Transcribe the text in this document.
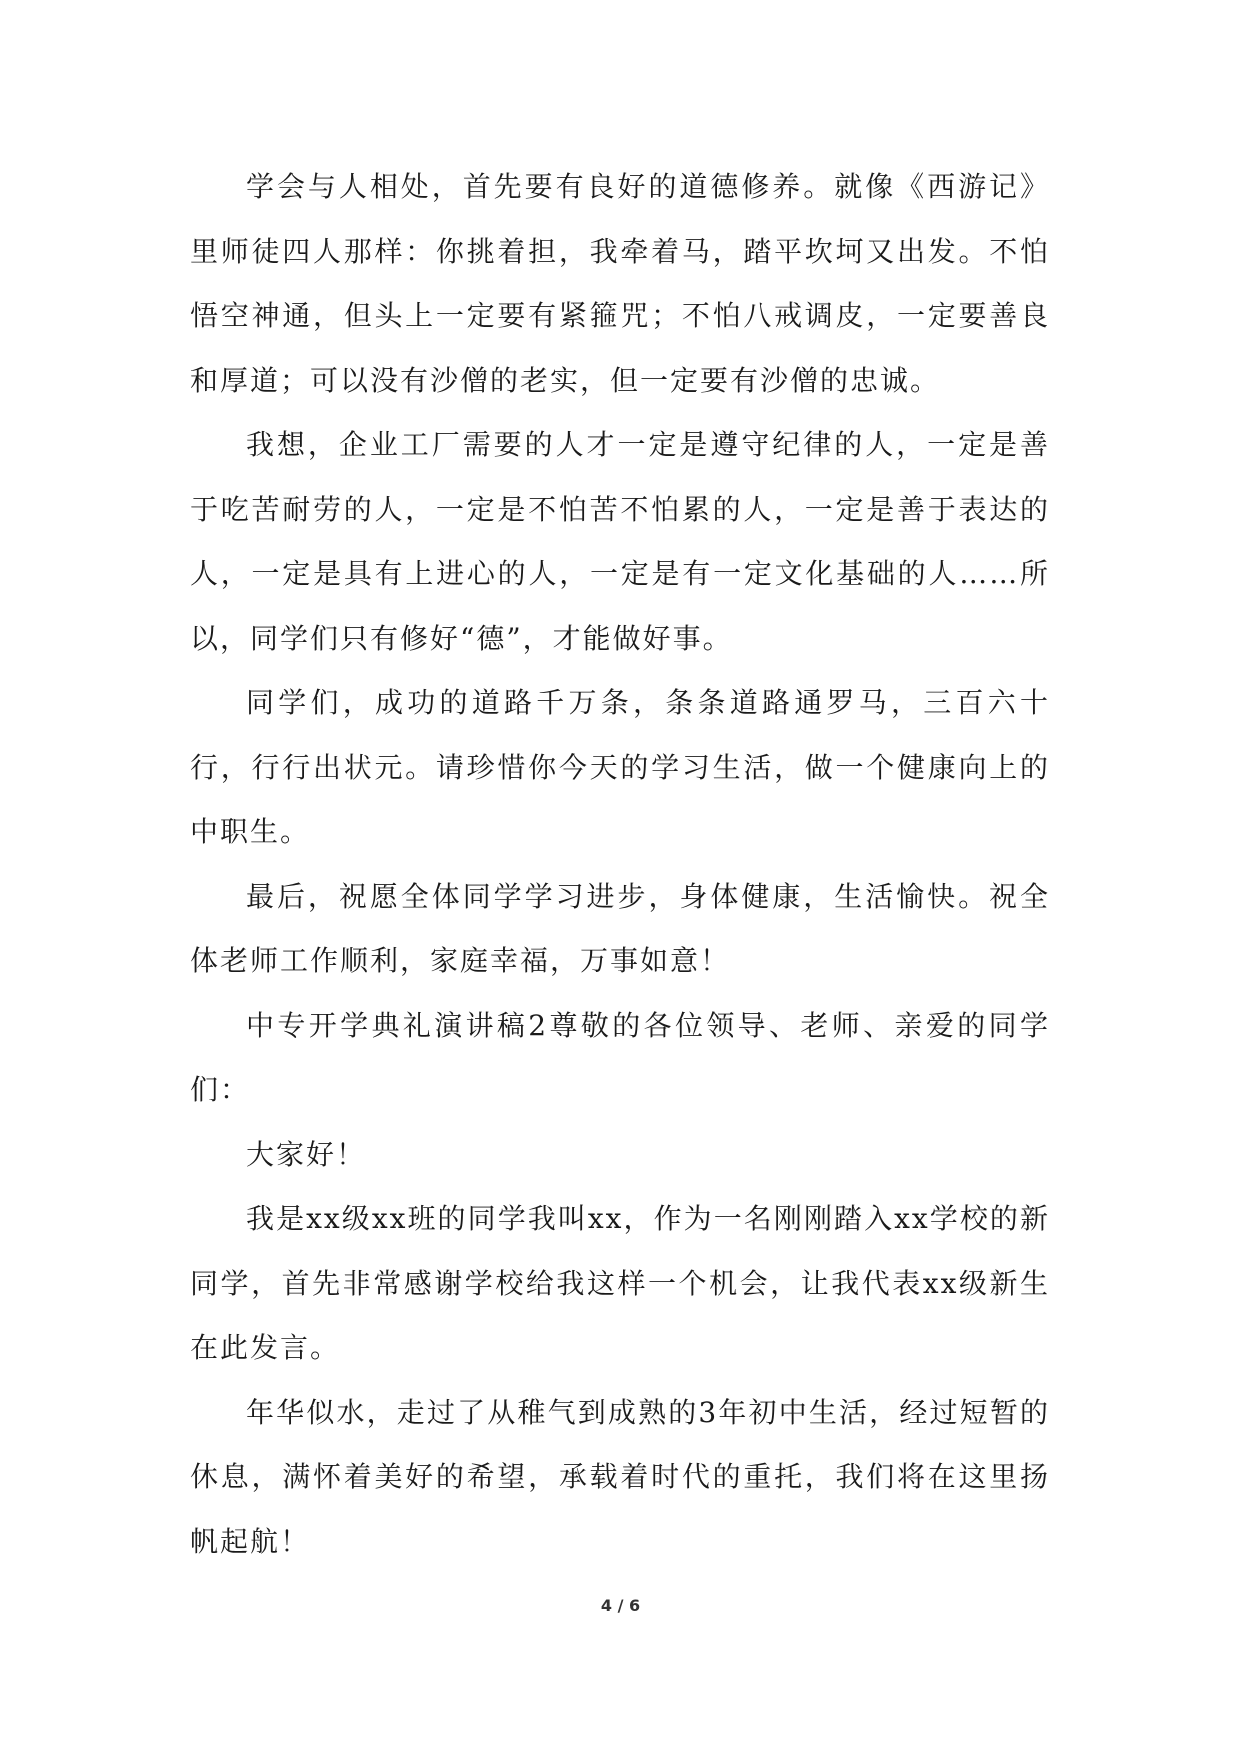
学会与人相处，首先要有良好的道德修养。就像《西游记》里师徒四人那样：你挑着担，我牵着马，踏平坎坷又出发。不怕悟空神通，但头上一定要有紧箍咒；不怕八戒调皮，一定要善良和厚道；可以没有沙僧的老实，但一定要有沙僧的忠诚。

我想，企业工厂需要的人才一定是遵守纪律的人，一定是善于吃苦耐劳的人，一定是不怕苦不怕累的人，一定是善于表达的人，一定是具有上进心的人，一定是有一定文化基础的人……所以，同学们只有修好“德”，才能做好事。

同学们，成功的道路千万条，条条道路通罗马，三百六十行，行行出状元。请珍惜你今天的学习生活，做一个健康向上的中职生。

最后，祝愿全体同学学习进步，身体健康，生活愉快。祝全体老师工作顺利，家庭幸福，万事如意！

中专开学典礼演讲稿2尊敬的各位领导、老师、亲爱的同学们：

大家好！

我是xx级xx班的同学我叫xx，作为一名刚刚踏入xx学校的新同学，首先非常感谢学校给我这样一个机会，让我代表xx级新生在此发言。

年华似水，走过了从稚气到成熟的3年初中生活，经过短暂的休息，满怀着美好的希望，承载着时代的重托，我们将在这里扬帆起航！

4 / 6
